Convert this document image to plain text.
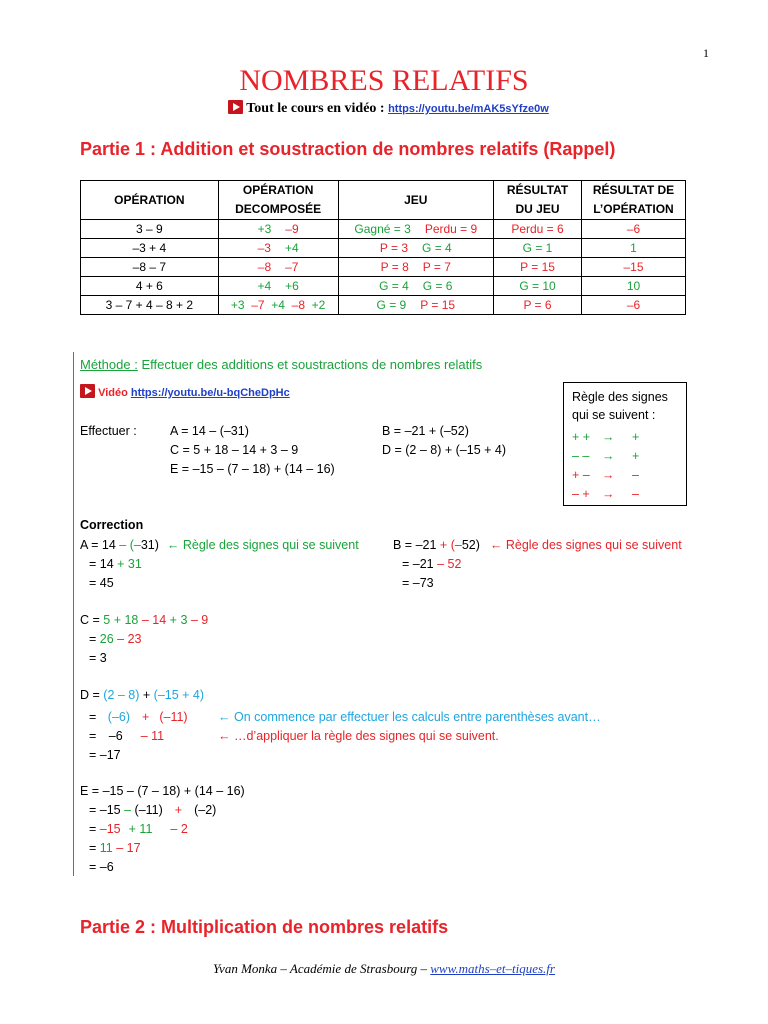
1
NOMBRES RELATIFS
Tout le cours en vidéo : https://youtu.be/mAK5sYfze0w
Partie 1 : Addition et soustraction de nombres relatifs (Rappel)
OPÉRATION	OPÉRATION DECOMPOSÉE	JEU	RÉSULTAT DU JEU	RÉSULTAT DE L’OPÉRATION
3 – 9	+3 –9	Gagné = 3 Perdu = 9	Perdu = 6	–6
–3 + 4	–3 +4	P = 3 G = 4	G = 1	1
–8 – 7	–8 –7	P = 8 P = 7	P = 15	–15
4 + 6	+4 +6	G = 4 G = 6	G = 10	10
3 – 7 + 4 – 8 + 2	+3 –7 +4 –8 +2	G = 9 P = 15	P = 6	–6
Méthode : Effectuer des additions et soustractions de nombres relatifs
Vidéo https://youtu.be/u-bqCheDpHc	Règle des signes
qui se suivent :
+ + → +
– – → +
+ – → –
– + → –
Effectuer :	A = 14 – (–31)	B = –21 + (–52)
C = 5 + 18 – 14 + 3 – 9	D = (2 – 8) + (–15 + 4)
E = –15 – (7 – 18) + (14 – 16)
Correction
A = 14 – (–31) ← Règle des signes qui se suivent
= 14 + 31
= 45
B = –21 + (–52) ← Règle des signes qui se suivent
= –21 – 52
= –73
C = 5 + 18 – 14 + 3 – 9
= 26 – 23
= 3
D = (2 – 8) + (–15 + 4)
= (–6) + (–11) ← On commence par effectuer les calculs entre parenthèses avant…
= –6 – 11	← …d’appliquer la règle des signes qui se suivent.
= –17
E = –15 – (7 – 18) + (14 – 16)
= –15 – (–11) + (–2)
= –15 + 11 – 2
= 11 – 17
= –6
Partie 2 : Multiplication de nombres relatifs
Yvan Monka – Académie de Strasbourg – www.maths–et–tiques.fr
